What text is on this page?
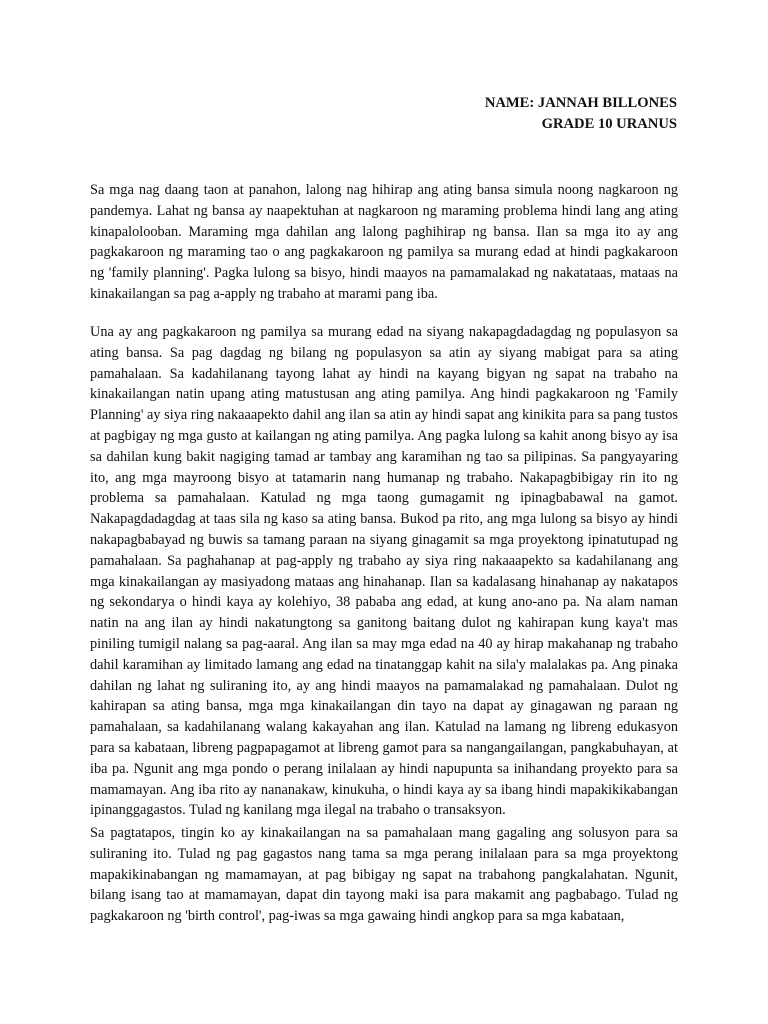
NAME: JANNAH BILLONES
GRADE 10 URANUS

Sa mga nag daang taon at panahon, lalong nag hihirap ang ating bansa simula noong nagkaroon ng pandemya. Lahat ng bansa ay naapektuhan at nagkaroon ng maraming problema hindi lang ang ating kinapalolooban. Maraming mga dahilan ang lalong paghihirap ng bansa. Ilan sa mga ito ay ang pagkakaroon ng maraming tao o ang pagkakaroon ng pamilya sa murang edad at hindi pagkakaroon ng 'family planning'. Pagka lulong sa bisyo, hindi maayos na pamamalakad ng nakatataas, mataas na kinakailangan sa pag a-apply ng trabaho at marami pang iba.

Una ay ang pagkakaroon ng pamilya sa murang edad na siyang nakapagdadagdag ng populasyon sa ating bansa. Sa pag dagdag ng bilang ng populasyon sa atin ay siyang mabigat para sa ating pamahalaan. Sa kadahilanang tayong lahat ay hindi na kayang bigyan ng sapat na trabaho na kinakailangan natin upang ating matustusan ang ating pamilya. Ang hindi pagkakaroon ng 'Family Planning' ay siya ring nakaaapekto dahil ang ilan sa atin ay hindi sapat ang kinikita para sa pang tustos at pagbigay ng mga gusto at kailangan ng ating pamilya. Ang pagka lulong sa kahit anong bisyo ay isa sa dahilan kung bakit nagiging tamad ar tambay ang karamihan ng tao sa pilipinas. Sa pangyayaring ito, ang mga mayroong bisyo at tatamarin nang humanap ng trabaho. Nakapagbibigay rin ito ng problema sa pamahalaan. Katulad ng mga taong gumagamit ng ipinagbabawal na gamot. Nakapagdadagdag at taas sila ng kaso sa ating bansa. Bukod pa rito, ang mga lulong sa bisyo ay hindi nakapagbabayad ng buwis sa tamang paraan na siyang ginagamit sa mga proyektong ipinatutupad ng pamahalaan. Sa paghahanap at pag-apply ng trabaho ay siya ring nakaaapekto sa kadahilanang ang mga kinakailangan ay masiyadong mataas ang hinahanap. Ilan sa kadalasang hinahanap ay nakatapos ng sekondarya o hindi kaya ay kolehiyo, 38 pababa ang edad, at kung ano-ano pa. Na alam naman natin na ang ilan ay hindi nakatungtong sa ganitong baitang dulot ng kahirapan kung kaya't mas piniling tumigil nalang sa pag-aaral. Ang ilan sa may mga edad na 40 ay hirap makahanap ng trabaho dahil karamihan ay limitado lamang ang edad na tinatanggap kahit na sila'y malalakas pa. Ang pinaka dahilan ng lahat ng suliraning ito, ay ang hindi maayos na pamamalakad ng pamahalaan. Dulot ng kahirapan sa ating bansa, mga mga kinakailangan din tayo na dapat ay ginagawan ng paraan ng pamahalaan, sa kadahilanang walang kakayahan ang ilan. Katulad na lamang ng libreng edukasyon para sa kabataan, libreng pagpapagamot at libreng gamot para sa nangangailangan, pangkabuhayan, at iba pa. Ngunit ang mga pondo o perang inilalaan ay hindi napupunta sa inihandang proyekto para sa mamamayan. Ang iba rito ay nananakaw, kinukuha, o hindi kaya ay sa ibang hindi mapakikikabangan ipinanggagastos. Tulad ng kanilang mga ilegal na trabaho o transaksyon.

Sa pagtatapos, tingin ko ay kinakailangan na sa pamahalaan mang gagaling ang solusyon para sa suliraning ito. Tulad ng pag gagastos nang tama sa mga perang inilalaan para sa mga proyektong mapakikinabangan ng mamamayan, at pag bibigay ng sapat na trabahong pangkalahatan. Ngunit, bilang isang tao at mamamayan, dapat din tayong maki isa para makamit ang pagbabago. Tulad ng pagkakaroon ng 'birth control', pag-iwas sa mga gawaing hindi angkop para sa mga kabataan,
